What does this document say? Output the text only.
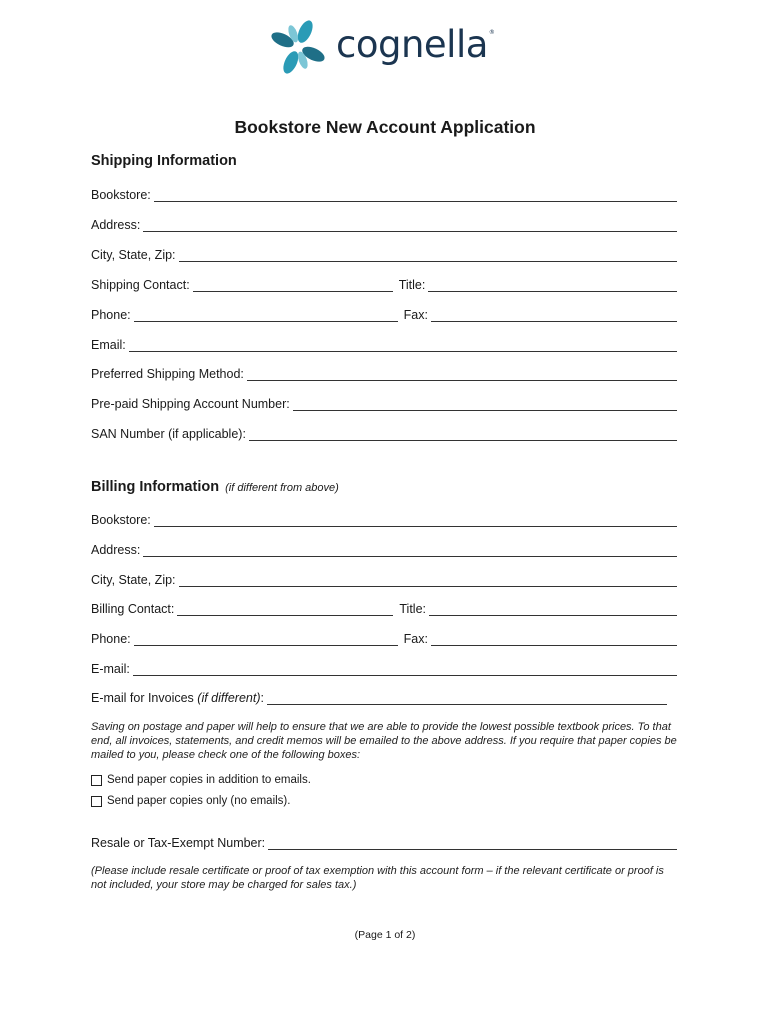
cognella®
Bookstore New Account Application
Shipping Information
Bookstore:
Address:
City, State, Zip:
Shipping Contact:	Title:
Phone:	Fax:
Email:
Preferred Shipping Method:
Pre-paid Shipping Account Number:
SAN Number (if applicable):
Billing Information (if different from above)
Bookstore:
Address:
City, State, Zip:
Billing Contact:	Title:
Phone:	Fax:
E-mail:
E-mail for Invoices (if different):
Saving on postage and paper will help to ensure that we are able to provide the lowest possible textbook prices. To that end, all invoices, statements, and credit memos will be emailed to the above address. If you require that paper copies be mailed to you, please check one of the following boxes:
Send paper copies in addition to emails.
Send paper copies only (no emails).
Resale or Tax-Exempt Number:
(Please include resale certificate or proof of tax exemption with this account form – if the relevant certificate or proof is not included, your store may be charged for sales tax.)
(Page 1 of 2)
